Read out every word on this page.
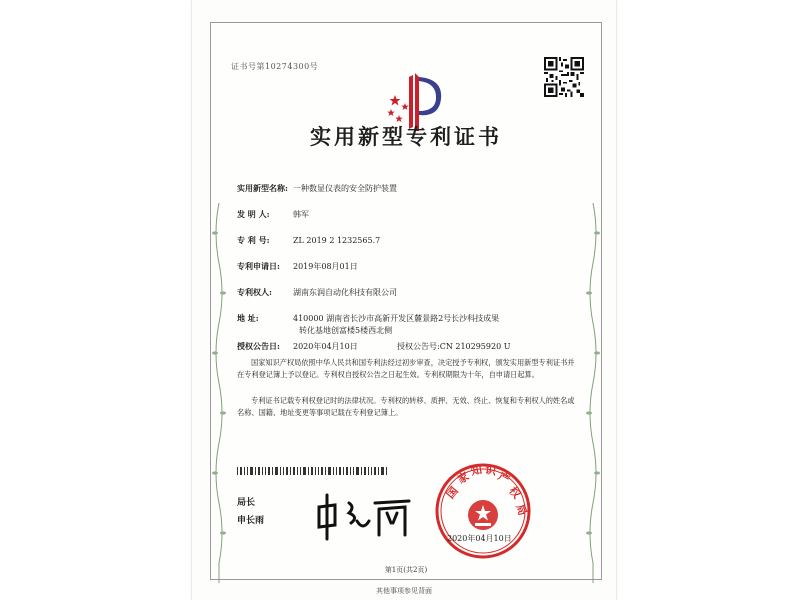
证书号第10274300号
实用新型专利证书
实用新型名称: 一种数显仪表的安全防护装置
发 明 人:	韩军
专 利 号:	ZL 2019 2 1232565.7
专利申请日: 2019年08月01日
专利权人:	湖南东润自动化科技有限公司
地 址:	410000 湖南省长沙市高新开发区麓景路2号长沙科技成果
转化基地创富楼5楼西北侧
授权公告日: 2020年04月10日	授权公告号:CN 210295920 U
国家知识产权局依照中华人民共和国专利法经过初步审查，决定授予专利权，颁发实用新型专利证书并在专利登记簿上予以登记。专利权自授权公告之日起生效。专利权期限为十年，自申请日起算。
专利证书记载专利权登记时的法律状况。专利权的转移、质押、无效、终止、恢复和专利权人的姓名或名称、国籍、地址变更等事项记载在专利登记簿上。
局长
申长雨
国
家
知 识
产
权
局
2020年04月10日
第1页(共2页)
其他事项参见背面
